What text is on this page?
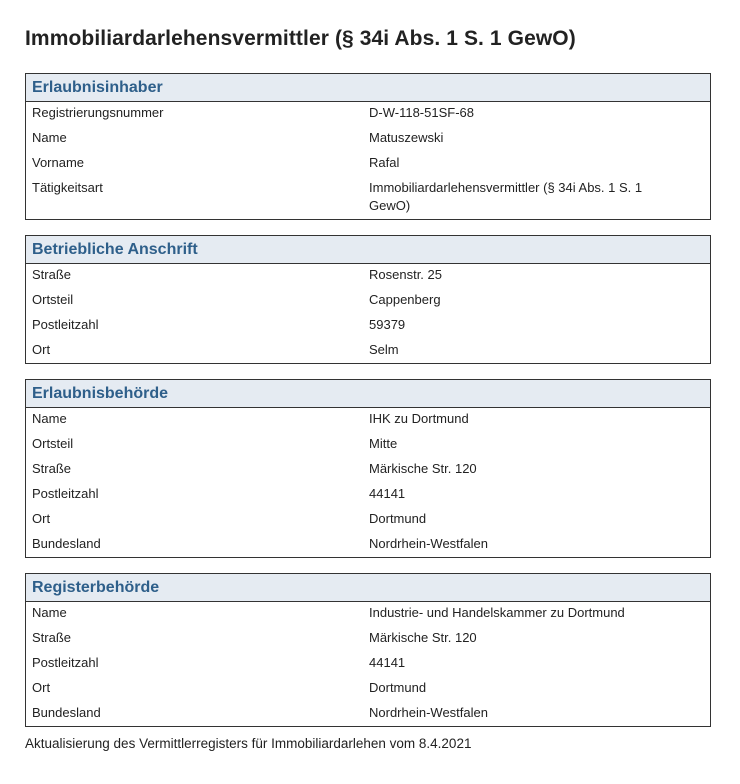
Immobiliardarlehensvermittler (§ 34i Abs. 1 S. 1 GewO)
Erlaubnisinhaber
Registrierungsnummer	D-W-118-51SF-68
Name	Matuszewski
Vorname	Rafal
Tätigkeitsart	Immobiliardarlehensvermittler (§ 34i Abs. 1 S. 1 GewO)
Betriebliche Anschrift
Straße	Rosenstr. 25
Ortsteil	Cappenberg
Postleitzahl	59379
Ort	Selm
Erlaubnisbehörde
Name	IHK zu Dortmund
Ortsteil	Mitte
Straße	Märkische Str. 120
Postleitzahl	44141
Ort	Dortmund
Bundesland	Nordrhein-Westfalen
Registerbehörde
Name	Industrie- und Handelskammer zu Dortmund
Straße	Märkische Str. 120
Postleitzahl	44141
Ort	Dortmund
Bundesland	Nordrhein-Westfalen
Aktualisierung des Vermittlerregisters für Immobiliardarlehen vom 8.4.2021
